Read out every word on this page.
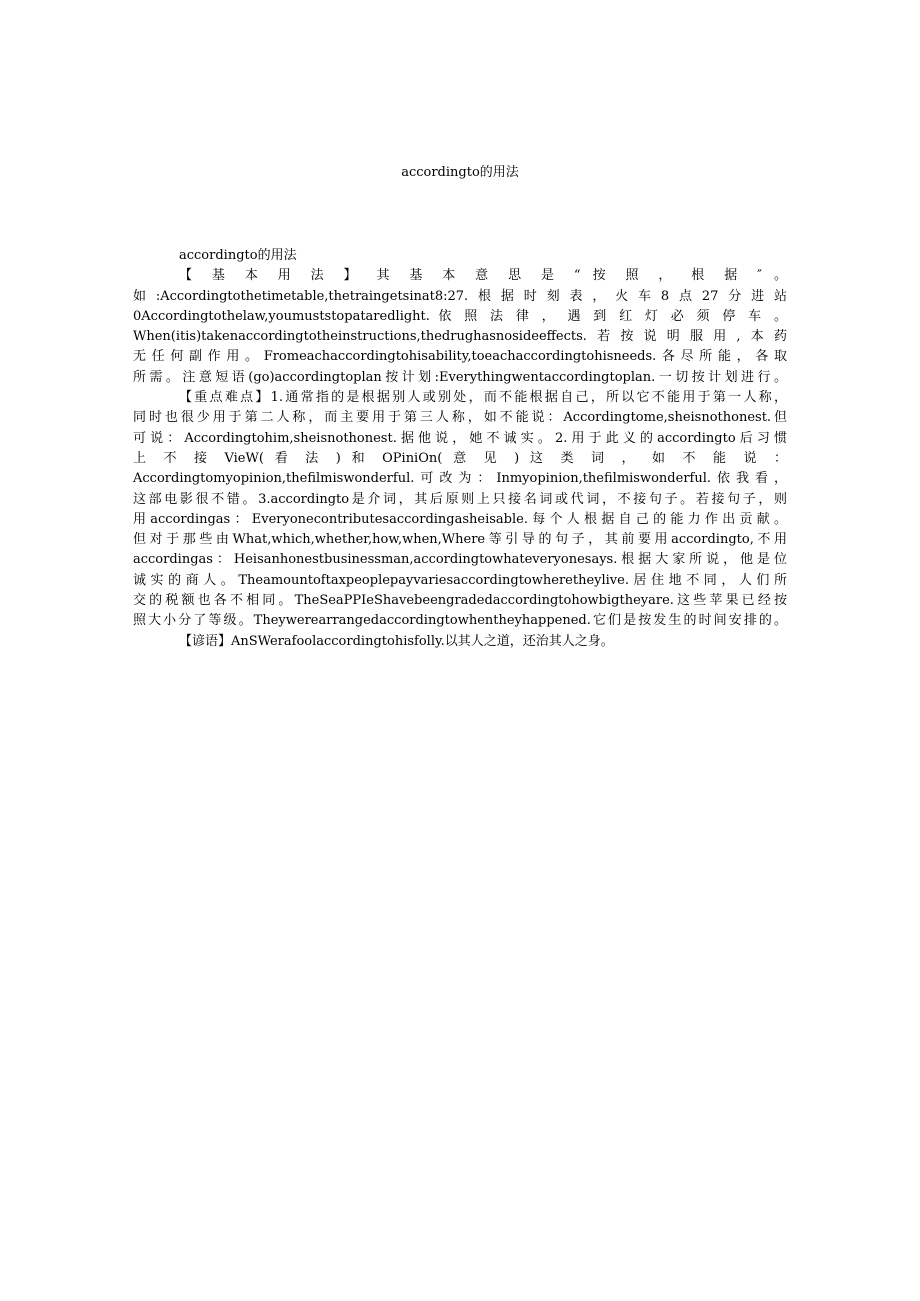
accordingto的用法
accordingto的用法
【 基 本 用 法 】 其 基 本 意 思 是 “ 按 照 ， 根 据 ″ 。
如:Accordingtothetimetable,thetraingetsinat8:27.根据时刻表，火车8点27分进站
0Accordingtothelaw,youmuststopataredlight. 依 照 法 律 ， 遇 到 红 灯 必 须 停 车 。
When(itis)takenaccordingtotheinstructions,thedrughasnosideeffects.若按说明服用,本药
无任何副作用。Fromeachaccordingtohisability,toeachaccordingtohisneeds.各尽所能，各取
所需。注意短语(go)accordingtoplan按计划:Everythingwentaccordingtoplan.一切按计划进行。
【重点难点】1.通常指的是根据别人或别处，而不能根据自己，所以它不能用于第一人称，
同时也很少用于第二人称，而主要用于第三人称，如不能说：Accordingtome,sheisnothonest.但
可说：Accordingtohim,sheisnothonest.据他说，她不诚实。2.用于此义的accordingto后习惯
上 不 接 VieW( 看 法 ) 和 OPiniOn( 意 见 ) 这 类 词 ， 如 不 能 说 ：
Accordingtomyopinion,thefilmiswonderful.可改为：Inmyopinion,thefilmiswonderful.依我看，
这部电影很不错。3.accordingto是介词，其后原则上只接名词或代词，不接句子。若接句子，则
用accordingas：Everyonecontributesaccordingasheisable.每个人根据自己的能力作出贡献。
但对于那些由What,which,whether,how,when,Where等引导的句子，其前要用accordingto,不用
accordingas：Heisanhonestbusinessman,accordingtowhateveryonesays.根据大家所说，他是位
诚实的商人。Theamountoftaxpeoplepayvariesaccordingtowheretheylive.居住地不同，人们所
交的税额也各不相同。TheSeaPPIeShavebeengradedaccordingtohowbigtheyare.这些苹果已经按
照大小分了等级。Theywerearrangedaccordingtowhentheyhappened.它们是按发生的时间安排的。
【谚语】AnSWerafoolaccordingtohisfolly.以其人之道，还治其人之身。
